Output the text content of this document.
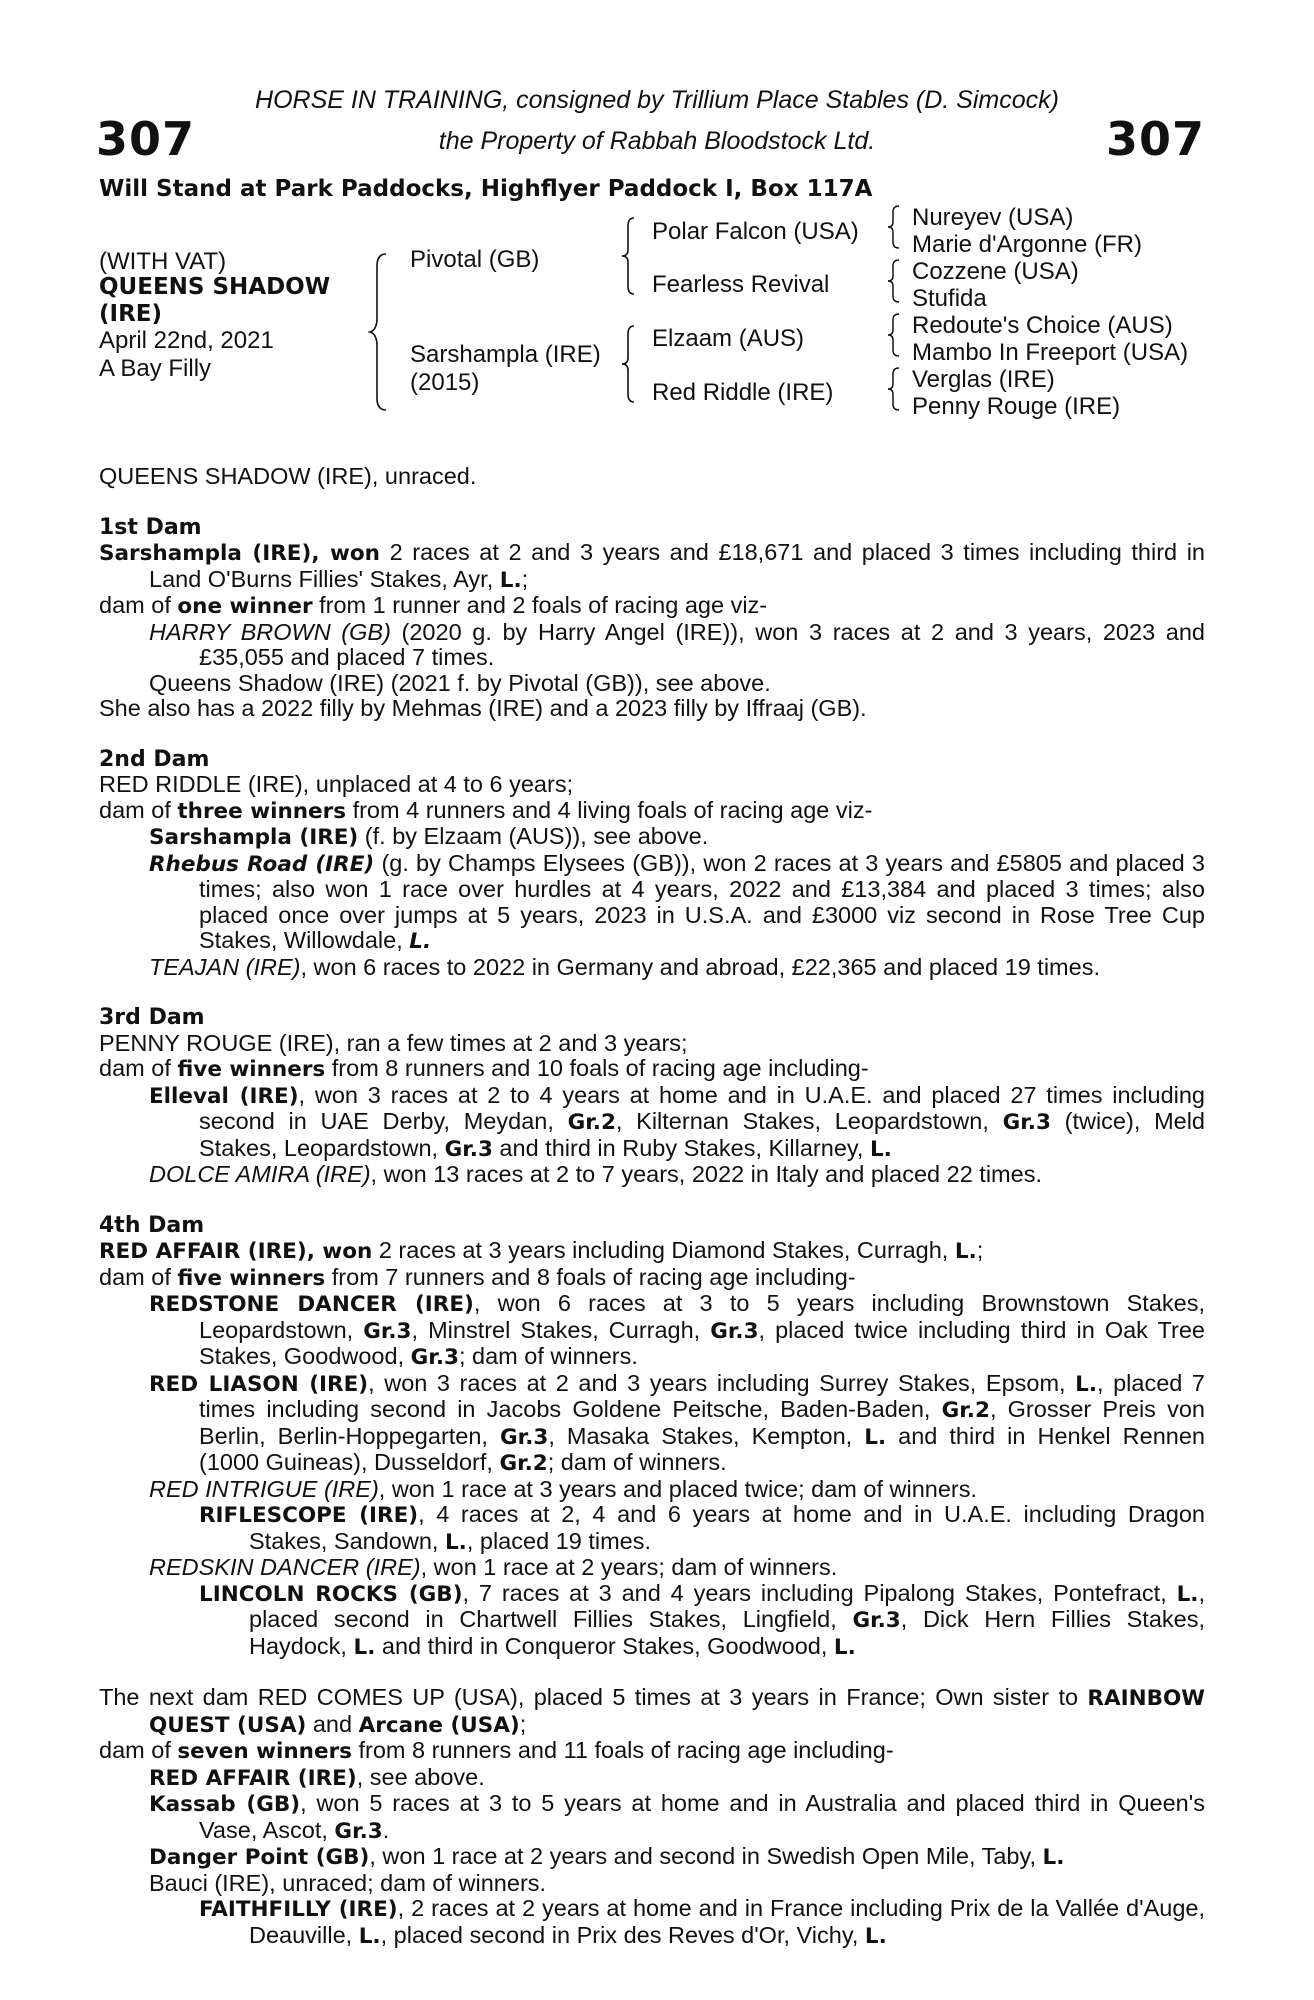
HORSE IN TRAINING, consigned by Trillium Place Stables (D. Simcock)
the Property of Rabbah Bloodstock Ltd.
307	307
Will Stand at Park Paddocks, Highflyer Paddock I, Box 117A
(WITH VAT)
QUEENS SHADOW
(IRE)
April 22nd, 2021
A Bay Filly
Pivotal (GB)
Sarshampla (IRE)
(2015)
Polar Falcon (USA)
Fearless Revival
Elzaam (AUS)
Red Riddle (IRE)
Nureyev (USA)
Marie d'Argonne (FR)
Cozzene (USA)
Stufida
Redoute's Choice (AUS)
Mambo In Freeport (USA)
Verglas (IRE)
Penny Rouge (IRE)

QUEENS SHADOW (IRE), unraced.

1st Dam

Sarshampla (IRE), won 2 races at 2 and 3 years and £18,671 and placed 3 times including third in Land O'Burns Fillies' Stakes, Ayr, L.;

dam of one winner from 1 runner and 2 foals of racing age viz-

HARRY BROWN (GB) (2020 g. by Harry Angel (IRE)), won 3 races at 2 and 3 years, 2023 and £35,055 and placed 7 times.

Queens Shadow (IRE) (2021 f. by Pivotal (GB)), see above.

She also has a 2022 filly by Mehmas (IRE) and a 2023 filly by Iffraaj (GB).

2nd Dam

RED RIDDLE (IRE), unplaced at 4 to 6 years;

dam of three winners from 4 runners and 4 living foals of racing age viz-

Sarshampla (IRE) (f. by Elzaam (AUS)), see above.

Rhebus Road (IRE) (g. by Champs Elysees (GB)), won 2 races at 3 years and £5805 and placed 3 times; also won 1 race over hurdles at 4 years, 2022 and £13,384 and placed 3 times; also placed once over jumps at 5 years, 2023 in U.S.A. and £3000 viz second in Rose Tree Cup Stakes, Willowdale, L.

TEAJAN (IRE), won 6 races to 2022 in Germany and abroad, £22,365 and placed 19 times.

3rd Dam

PENNY ROUGE (IRE), ran a few times at 2 and 3 years;

dam of five winners from 8 runners and 10 foals of racing age including-

Elleval (IRE), won 3 races at 2 to 4 years at home and in U.A.E. and placed 27 times including second in UAE Derby, Meydan, Gr.2, Kilternan Stakes, Leopardstown, Gr.3 (twice), Meld Stakes, Leopardstown, Gr.3 and third in Ruby Stakes, Killarney, L.

DOLCE AMIRA (IRE), won 13 races at 2 to 7 years, 2022 in Italy and placed 22 times.

4th Dam

RED AFFAIR (IRE), won 2 races at 3 years including Diamond Stakes, Curragh, L.;

dam of five winners from 7 runners and 8 foals of racing age including-

REDSTONE DANCER (IRE), won 6 races at 3 to 5 years including Brownstown Stakes, Leopardstown, Gr.3, Minstrel Stakes, Curragh, Gr.3, placed twice including third in Oak Tree Stakes, Goodwood, Gr.3; dam of winners.

RED LIASON (IRE), won 3 races at 2 and 3 years including Surrey Stakes, Epsom, L., placed 7 times including second in Jacobs Goldene Peitsche, Baden-Baden, Gr.2, Grosser Preis von Berlin, Berlin-Hoppegarten, Gr.3, Masaka Stakes, Kempton, L. and third in Henkel Rennen (1000 Guineas), Dusseldorf, Gr.2; dam of winners.

RED INTRIGUE (IRE), won 1 race at 3 years and placed twice; dam of winners.

RIFLESCOPE (IRE), 4 races at 2, 4 and 6 years at home and in U.A.E. including Dragon Stakes, Sandown, L., placed 19 times.

REDSKIN DANCER (IRE), won 1 race at 2 years; dam of winners.

LINCOLN ROCKS (GB), 7 races at 3 and 4 years including Pipalong Stakes, Pontefract, L., placed second in Chartwell Fillies Stakes, Lingfield, Gr.3, Dick Hern Fillies Stakes, Haydock, L. and third in Conqueror Stakes, Goodwood, L.

The next dam RED COMES UP (USA), placed 5 times at 3 years in France; Own sister to RAINBOW QUEST (USA) and Arcane (USA);

dam of seven winners from 8 runners and 11 foals of racing age including-

RED AFFAIR (IRE), see above.

Kassab (GB), won 5 races at 3 to 5 years at home and in Australia and placed third in Queen's Vase, Ascot, Gr.3.

Danger Point (GB), won 1 race at 2 years and second in Swedish Open Mile, Taby, L.

Bauci (IRE), unraced; dam of winners.

FAITHFILLY (IRE), 2 races at 2 years at home and in France including Prix de la Vallée d'Auge, Deauville, L., placed second in Prix des Reves d'Or, Vichy, L.
